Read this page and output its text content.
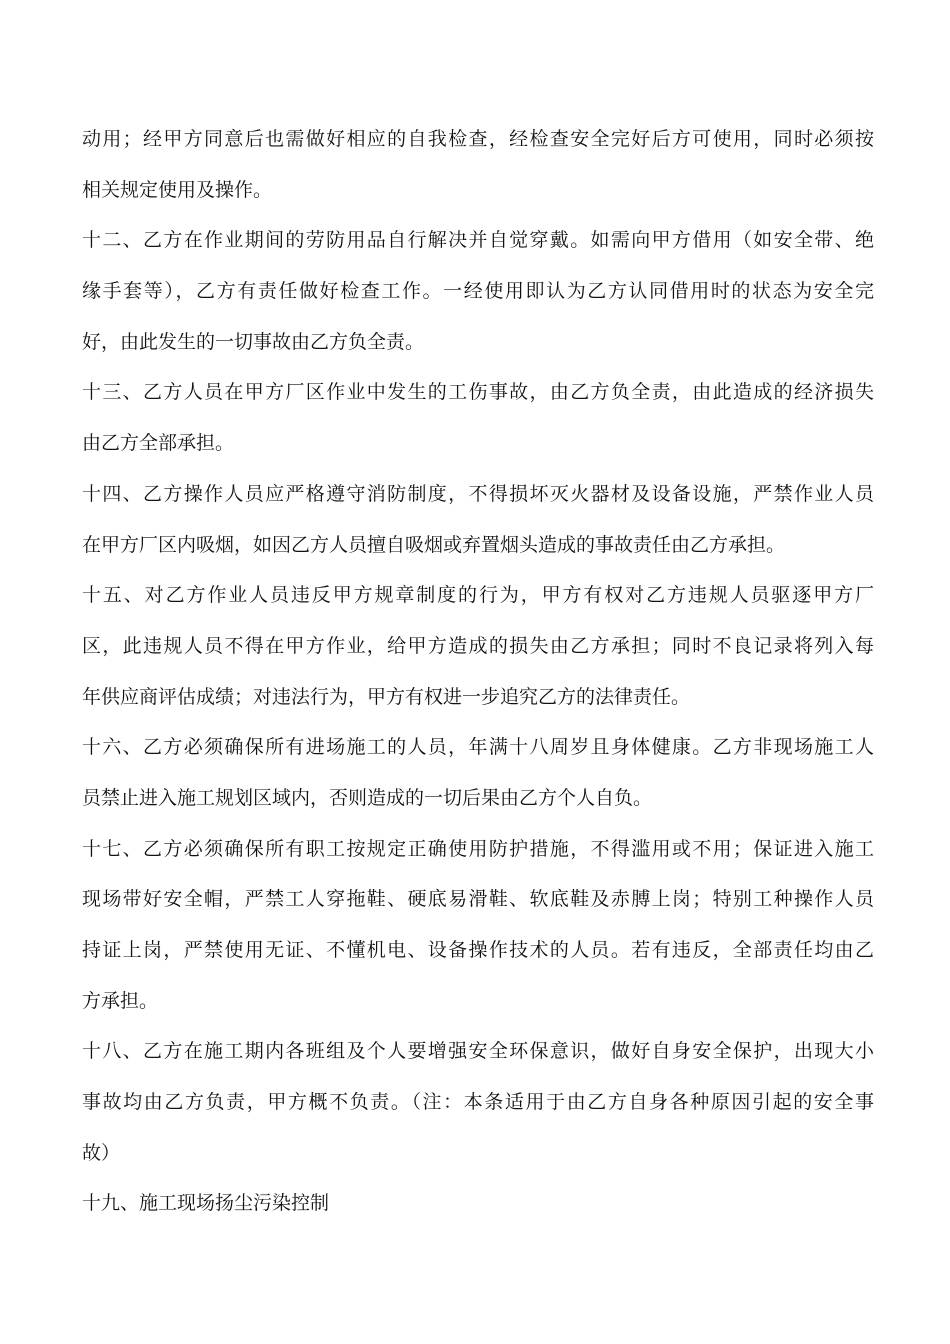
动用；经甲方同意后也需做好相应的自我检查，经检查安全完好后方可使用，同时必须按
相关规定使用及操作。
十二、乙方在作业期间的劳防用品自行解决并自觉穿戴。如需向甲方借用（如安全带、绝
缘手套等），乙方有责任做好检查工作。一经使用即认为乙方认同借用时的状态为安全完
好，由此发生的一切事故由乙方负全责。
十三、乙方人员在甲方厂区作业中发生的工伤事故，由乙方负全责，由此造成的经济损失
由乙方全部承担。
十四、乙方操作人员应严格遵守消防制度，不得损坏灭火器材及设备设施，严禁作业人员
在甲方厂区内吸烟，如因乙方人员擅自吸烟或弃置烟头造成的事故责任由乙方承担。
十五、对乙方作业人员违反甲方规章制度的行为，甲方有权对乙方违规人员驱逐甲方厂
区，此违规人员不得在甲方作业，给甲方造成的损失由乙方承担；同时不良记录将列入每
年供应商评估成绩；对违法行为，甲方有权进一步追究乙方的法律责任。
十六、乙方必须确保所有进场施工的人员，年满十八周岁且身体健康。乙方非现场施工人
员禁止进入施工规划区域内，否则造成的一切后果由乙方个人自负。
十七、乙方必须确保所有职工按规定正确使用防护措施，不得滥用或不用；保证进入施工
现场带好安全帽，严禁工人穿拖鞋、硬底易滑鞋、软底鞋及赤膊上岗；特别工种操作人员
持证上岗，严禁使用无证、不懂机电、设备操作技术的人员。若有违反，全部责任均由乙
方承担。
十八、乙方在施工期内各班组及个人要增强安全环保意识，做好自身安全保护，出现大小
事故均由乙方负责，甲方概不负责。（注：本条适用于由乙方自身各种原因引起的安全事
故）
十九、施工现场扬尘污染控制
